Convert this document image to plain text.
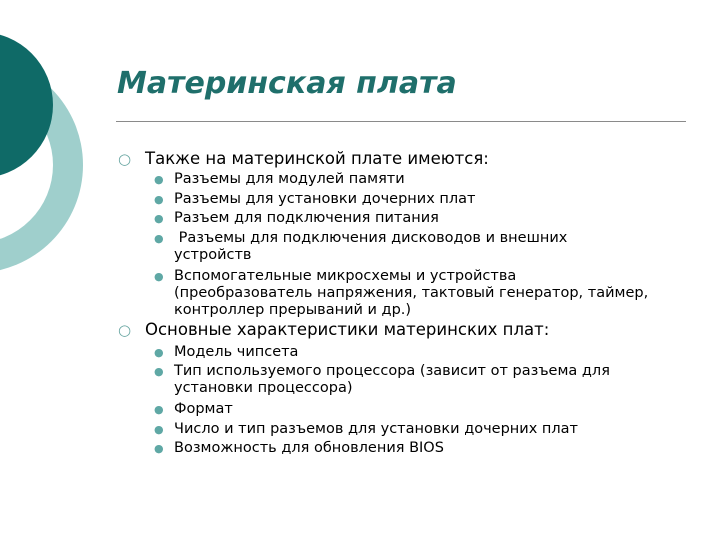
Материнская плата
○ Также на материнской плате имеются:
● Разъемы для модулей памяти
● Разъемы для установки дочерних плат
● Разъем для подключения питания
● Разъемы для подключения дисководов и внешних устройств
● Вспомогательные микросхемы и устройства (преобразователь напряжения, тактовый генератор, таймер, контроллер прерываний и др.)
○ Основные характеристики материнских плат:
● Модель чипсета
● Тип используемого процессора (зависит от разъема для установки процессора)
● Формат
● Число и тип разъемов для установки дочерних плат
● Возможность для обновления BIOS
